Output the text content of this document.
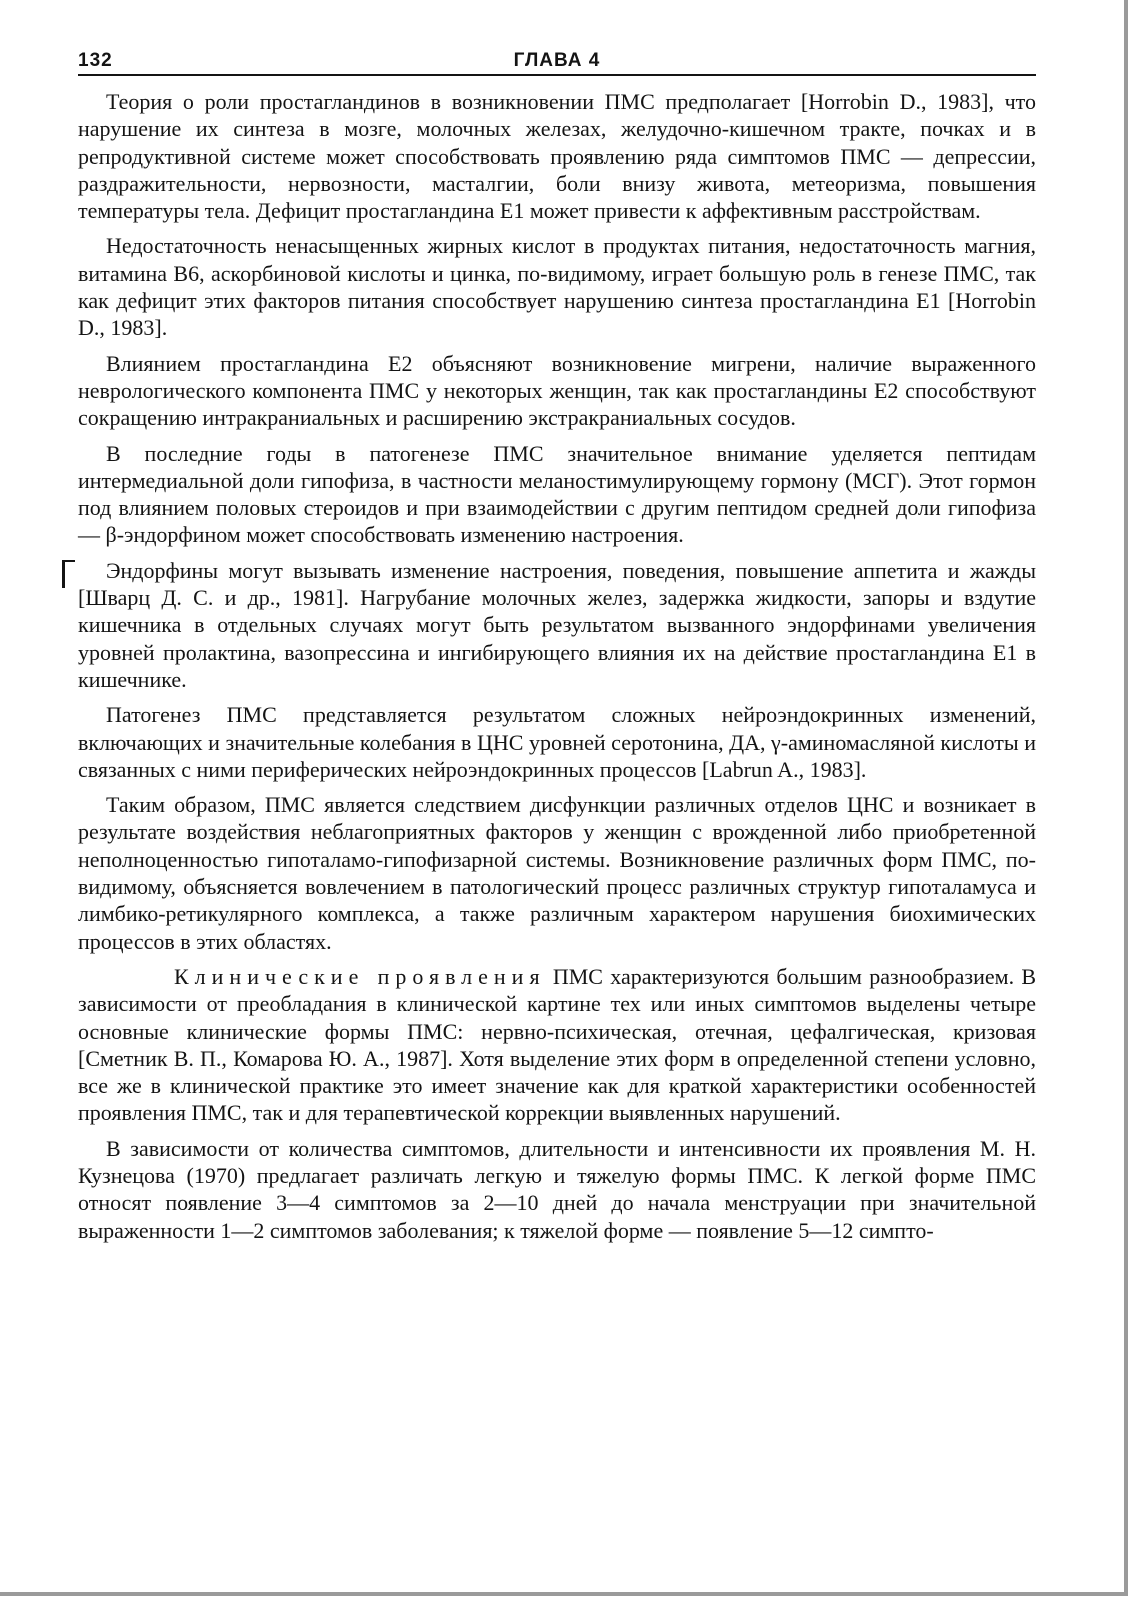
132	ГЛАВА 4

Теория о роли простагландинов в возникновении ПМС предполагает [Horrobin D., 1983], что нарушение их синтеза в мозге, молочных железах, желудочно-кишечном тракте, почках и в репродуктивной системе может способствовать проявлению ряда симптомов ПМС — депрессии, раздражительности, нервозности, масталгии, боли внизу живота, метеоризма, повышения температуры тела. Дефицит простагландина E1 может привести к аффективным расстройствам.

Недостаточность ненасыщенных жирных кислот в продуктах питания, недостаточность магния, витамина B6, аскорбиновой кислоты и цинка, по-видимому, играет большую роль в генезе ПМС, так как дефицит этих факторов питания способствует нарушению синтеза простагландина E1 [Horrobin D., 1983].

Влиянием простагландина E2 объясняют возникновение мигрени, наличие выраженного неврологического компонента ПМС у некоторых женщин, так как простагландины E2 способствуют сокращению интракраниальных и расширению экстракраниальных сосудов.

В последние годы в патогенезе ПМС значительное внимание уделяется пептидам интермедиальной доли гипофиза, в частности меланостимулирующему гормону (МСГ). Этот гормон под влиянием половых стероидов и при взаимодействии с другим пептидом средней доли гипофиза — β-эндорфином может способствовать изменению настроения.

Эндорфины могут вызывать изменение настроения, поведения, повышение аппетита и жажды [Шварц Д. С. и др., 1981]. Нагрубание молочных желез, задержка жидкости, запоры и вздутие кишечника в отдельных случаях могут быть результатом вызванного эндорфинами увеличения уровней пролактина, вазопрессина и ингибирующего влияния их на действие простагландина E1 в кишечнике.

Патогенез ПМС представляется результатом сложных нейроэндокринных изменений, включающих и значительные колебания в ЦНС уровней серотонина, ДА, γ-аминомасляной кислоты и связанных с ними периферических нейроэндокринных процессов [Labrun A., 1983].

Таким образом, ПМС является следствием дисфункции различных отделов ЦНС и возникает в результате воздействия неблагоприятных факторов у женщин с врожденной либо приобретенной неполноценностью гипоталамо-гипофизарной системы. Возникновение различных форм ПМС, по-видимому, объясняется вовлечением в патологический процесс различных структур гипоталамуса и лимбико-ретикулярного комплекса, а также различным характером нарушения биохимических процессов в этих областях.

Клинические проявления ПМС характеризуются большим разнообразием. В зависимости от преобладания в клинической картине тех или иных симптомов выделены четыре основные клинические формы ПМС: нервно-психическая, отечная, цефалгическая, кризовая [Сметник В. П., Комарова Ю. А., 1987]. Хотя выделение этих форм в определенной степени условно, все же в клинической практике это имеет значение как для краткой характеристики особенностей проявления ПМС, так и для терапевтической коррекции выявленных нарушений.

В зависимости от количества симптомов, длительности и интенсивности их проявления М. Н. Кузнецова (1970) предлагает различать легкую и тяжелую формы ПМС. К легкой форме ПМС относят появление 3—4 симптомов за 2—10 дней до начала менструации при значительной выраженности 1—2 симптомов заболевания; к тяжелой форме — появление 5—12 симпто-
